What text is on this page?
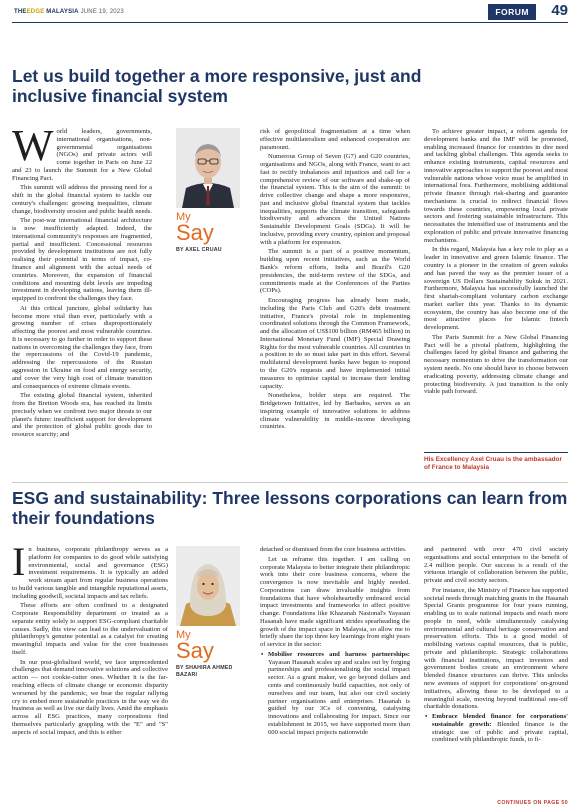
THEEDGE MALAYSIA JUNE 19, 2023	FORUM	49
Let us build together a more responsive, just and inclusive financial system

World leaders, governments, international organisations, non-governmental organisations (NGOs) and private actors will come together in Paris on June 22 and 23 to launch the Summit for a New Global Financing Pact.

This summit will address the pressing need for a shift in the global financial system to tackle our century's challenges: growing inequalities, climate change, biodiversity erosion and public health needs.

The post-war international financial architecture is now insufficiently adapted. Indeed, the international community's responses are fragmented, partial and insufficient. Concessional resources provided by development institutions are not fully realising their potential in terms of impact, co-finance and alignment with the actual needs of countries. Moreover, the expansion of financial conditions and mounting debt levels are impeding investment in developing nations, leaving them ill-equipped to confront the challenges they face.

At this critical juncture, global solidarity has become more vital than ever, particularly with a growing number of crises disproportionately affecting the poorest and most vulnerable countries. It is necessary to go further in order to support these nations in overcoming the challenges they face, from the repercussions of the Covid-19 pandemic, addressing the repercussions of the Russian aggression in Ukraine on food and energy security, and cover the very high cost of climate transition and consequences of extreme climate events.

The existing global financial system, inherited from the Bretton Woods era, has reached its limits precisely when we confront two major threats to our planet's future: insufficient support for development and the protection of global public goods due to resource scarcity; and

My
Say
BY AXEL CRUAU

risk of geopolitical fragmentation at a time when effective multilateralism and enhanced cooperation are paramount.

Numerous Group of Seven (G7) and G20 countries, organisations and NGOs, along with France, want to act fast to rectify imbalances and injustices and call for a comprehensive review of our software and shake-up of the financial system. This is the aim of the summit: to drive collective change and shape a more responsive, just and inclusive global financial system that tackles inequalities, supports the climate transition, safeguards biodiversity and advances the United Nations Sustainable Development Goals (SDGs). It will be inclusive, providing every country, opinion and proposal with a platform for expression.

The summit is a part of a positive momentum, building upon recent initiatives, such as the World Bank's reform efforts, India and Brazil's G20 presidencies, the mid-term review of the SDGs, and commitments made at the Conferences of the Parties (COPs).

Encouraging progress has already been made, including the Paris Club and G20's debt treatment initiative, France's pivotal role in implementing coordinated solutions through the Common Framework, and the allocation of US$100 billion (RM465 billion) in International Monetary Fund (IMF) Special Drawing Rights for the most vulnerable countries. All countries in a position to do so must take part in this effort. Several multilateral development banks have begun to respond to the G20's requests and have implemented initial measures to optimise capital to increase their lending capacity.

Nonetheless, bolder steps are required. The Bridgetown Initiative, led by Barbados, serves as an inspiring example of innovative solutions to address climate vulnerability in middle-income developing countries.

To achieve greater impact, a reform agenda for development banks and the IMF will be promoted, enabling increased finance for countries in dire need and tackling global challenges. This agenda seeks to enhance existing instruments, capital resources and innovative approaches to support the poorest and most vulnerable nations whose voice must be amplified in international fora. Furthermore, mobilising additional private finance through risk-sharing and guarantee mechanisms is crucial to redirect financial flows towards these countries, empowering local private sectors and fostering sustainable infrastructure. This necessitates the intensified use of instruments and the exploration of public and private innovative financing mechanisms.

In this regard, Malaysia has a key role to play as a leader in innovative and green Islamic finance. The country is a pioneer in the creation of green sukuks and has paved the way as the premier issuer of a sovereign US Dollars Sustainability Sukuk in 2021. Furthermore, Malaysia has successfully launched the first shariah-compliant voluntary carbon exchange market earlier this year. Thanks to its dynamic ecosystem, the country has also become one of the most attractive places for Islamic fintech development.

The Paris Summit for a New Global Financing Pact will be a pivotal platform, highlighting the challenges faced by global finance and gathering the necessary momentum to drive the transformation our system needs. No one should have to choose between eradicating poverty, addressing climate change and protecting biodiversity. A just transition is the only viable path forward.

His Excellency Axel Cruau is the ambassador of France to Malaysia
ESG and sustainability: Three lessons corporations can learn from their foundations

In business, corporate philanthropy serves as a platform for companies to do good while satisfying environmental, social and governance (ESG) investment requirements. It is typically an added work stream apart from regular business operations to build various tangible and intangible reputational assets, including goodwill, societal impacts and tax reliefs.

These efforts are often confined to a designated Corporate Responsibility department or treated as a separate entity solely to support ESG-compliant charitable causes. Sadly, this view can lead to the undervaluation of philanthropy's genuine potential as a catalyst for creating meaningful impacts and value for the core businesses itself.

In our post-globalised world, we face unprecedented challenges that demand innovative solutions and collective action — not cookie-cutter ones. Whether it is the far-reaching effects of climate change or economic disparity worsened by the pandemic, we bear the regular rallying cry to embed more sustainable practices in the way we do business as well as live our daily lives. Amid the emphasis across all ESG practices, many corporations find themselves particularly grappling with the "E" and "S" aspects of social impact, and this is either

My
Say
BY SHAHIRA AHMED BAZARI

detached or dismissed from the core business activities.

Let us reframe this together. I am calling on corporate Malaysia to better integrate their philanthropic work into their core business concerns, where the convergence is now inevitable and highly needed. Corporations can draw invaluable insights from foundations that have wholeheartedly embraced social impact investments and frameworks to affect positive change. Foundations like Khazanah Nasional's Yayasan Hasanah have made significant strides spearheading the growth of the impact space in Malaysia, so allow me to briefly share the top three key learnings from eight years of service in the sector:

• Mobilise resources and harness partnerships: Yayasan Hasanah scales up and scales out by forging partnerships and professionalising the social impact sector. As a grant maker, we go beyond dollars and cents and continuously build capacities, not only of ourselves and our team, but also our civil society partner organisations and enterprises. Hasanah is guided by our 3Cs of convening, catalysing innovations and collaborating for impact. Since our establishment in 2015, we have supported more than 600 social impact projects nationwide

and partnered with over 470 civil society organisations and social enterprises to the benefit of 2.4 million people. Our success is a result of the virtuous triangle of collaboration between the public, private and civil society sectors.

For instance, the Ministry of Finance has supported societal needs through matching grants in the Hasanah Special Grants programme for four years running, enabling us to scale national impacts and reach more people in need, while simultaneously catalysing environmental and cultural heritage conservation and preservation efforts. This is a good model of mobilising various capital resources, that is public, private and philanthropic. Strategic collaborations with financial institutions, impact investors and government bodies create an environment where blended finance structures can thrive. This unlocks new avenues of support for corporations' on-ground initiatives, allowing these to be developed to a meaningful scale, moving beyond traditional one-off charitable donations.

• Embrace blended finance for corporations' sustainable growth: Blended finance is the strategic use of public and private capital, combined with philanthropic funds, to fi-
CONTINUES ON PAGE 50
